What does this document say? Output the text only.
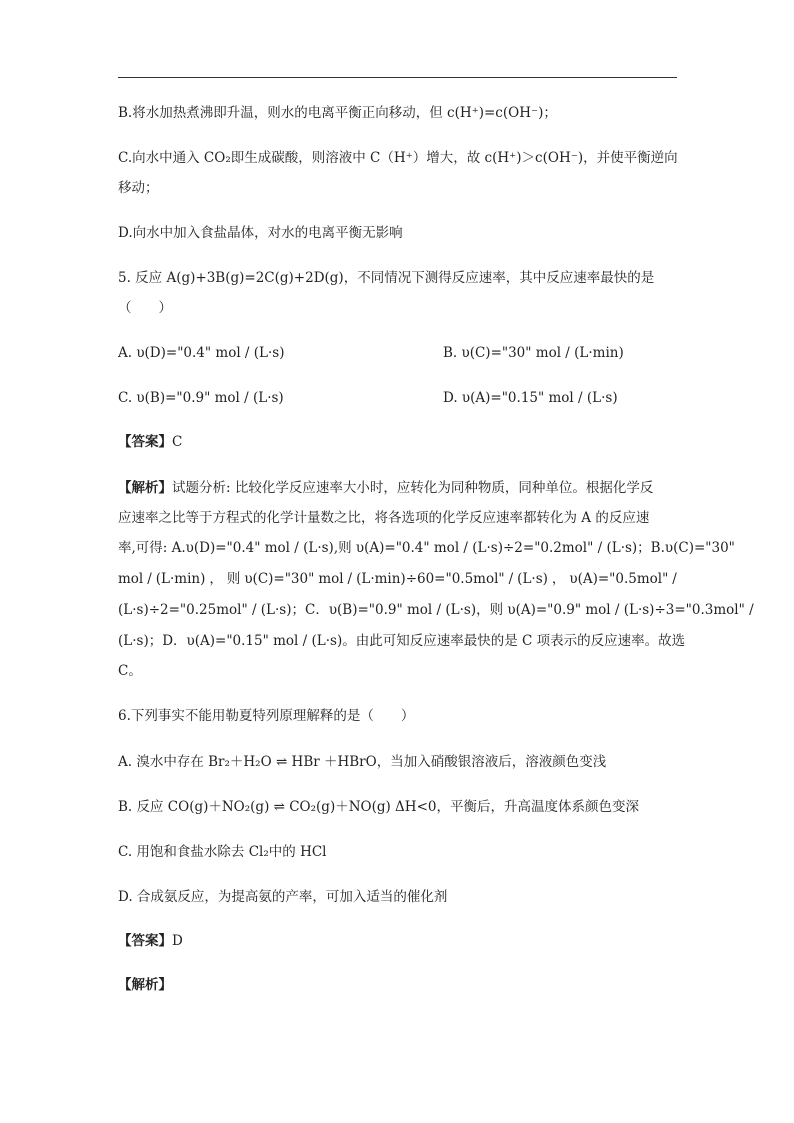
B.将水加热煮沸即升温，则水的电离平衡正向移动，但 c(H⁺)=c(OH⁻)；
C.向水中通入 CO₂即生成碳酸，则溶液中 C（H⁺）增大，故 c(H⁺)＞c(OH⁻)，并使平衡逆向
移动；
D.向水中加入食盐晶体，对水的电离平衡无影响
5. 反应 A(g)+3B(g)=2C(g)+2D(g)，不同情况下测得反应速率，其中反应速率最快的是
（　　）
A. υ(D)="0.4" mol / (L·s)	B. υ(C)="30" mol / (L·min)
C. υ(B)="0.9" mol / (L·s)	D. υ(A)="0.15" mol / (L·s)
【答案】C
【解析】试题分析: 比较化学反应速率大小时，应转化为同种物质，同种单位。根据化学反
应速率之比等于方程式的化学计量数之比，将各选项的化学反应速率都转化为 A 的反应速
率,可得: A.υ(D)="0.4" mol / (L·s),则 υ(A)="0.4" mol / (L·s)÷2="0.2mol" / (L·s)；B.υ(C)="30"
mol / (L·min) ， 则 υ(C)="30" mol / (L·min)÷60="0.5mol" / (L·s) ， υ(A)="0.5mol" /
(L·s)÷2="0.25mol" / (L·s)；C．υ(B)="0.9" mol / (L·s)，则 υ(A)="0.9" mol / (L·s)÷3="0.3mol" /
(L·s)；D．υ(A)="0.15" mol / (L·s)。由此可知反应速率最快的是 C 项表示的反应速率。故选
C。
6.下列事实不能用勒夏特列原理解释的是（　　）
A. 溴水中存在 Br₂＋H₂O ⇌ HBr ＋HBrO，当加入硝酸银溶液后，溶液颜色变浅
B. 反应 CO(g)＋NO₂(g) ⇌ CO₂(g)＋NO(g) ΔH<0，平衡后，升高温度体系颜色变深
C. 用饱和食盐水除去 Cl₂中的 HCl
D. 合成氨反应，为提高氨的产率，可加入适当的催化剂
【答案】D
【解析】
